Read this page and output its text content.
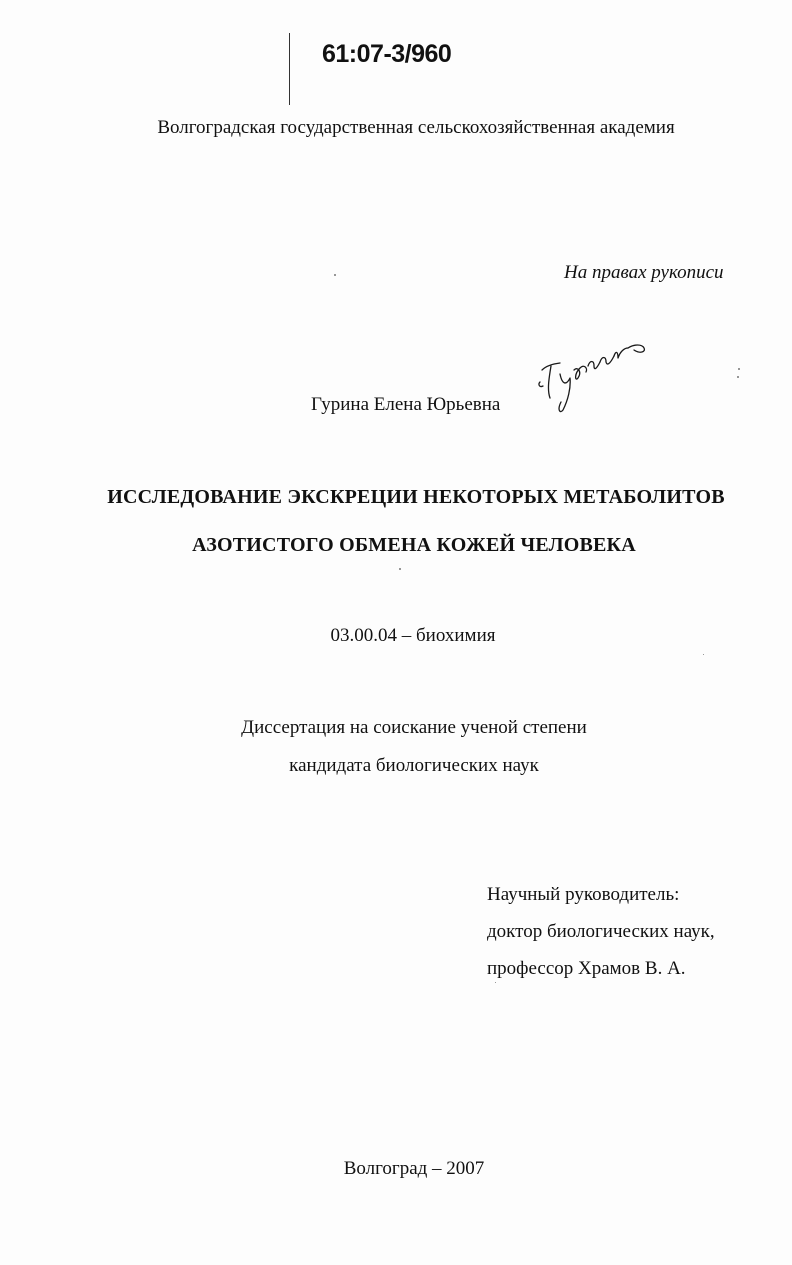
61:07-3/960
Волгоградская государственная сельскохозяйственная академия
На правах рукописи
Гурина Елена Юрьевна
ИССЛЕДОВАНИЕ ЭКСКРЕЦИИ НЕКОТОРЫХ МЕТАБОЛИТОВ
АЗОТИСТОГО ОБМЕНА КОЖЕЙ ЧЕЛОВЕКА
03.00.04 – биохимия
Диссертация на соискание ученой степени
кандидата биологических наук
Научный руководитель:
доктор биологических наук,
профессор Храмов В. А.
Волгоград – 2007
